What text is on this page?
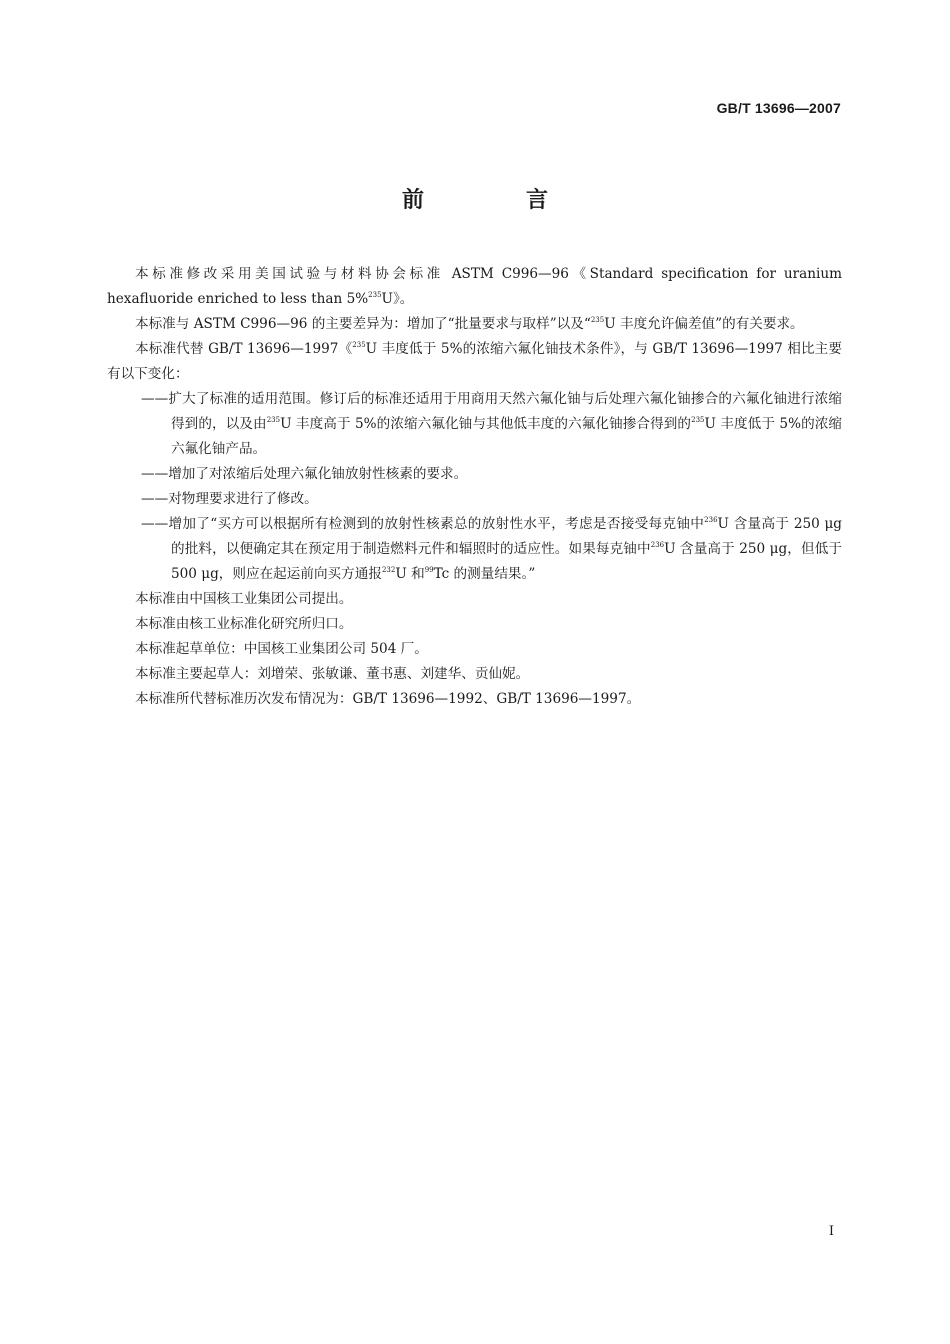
GB/T 13696—2007
前　言
本标准修改采用美国试验与材料协会标准 ASTM C996—96《Standard specification for uranium hexafluoride enriched to less than 5%$^{235}$U》。
本标准与 ASTM C996—96 的主要差异为：增加了“批量要求与取样”以及“$^{235}$U 丰度允许偏差值”的有关要求。
本标准代替 GB/T 13696—1997《$^{235}$U 丰度低于 5%的浓缩六氟化铀技术条件》，与 GB/T 13696—1997 相比主要有以下变化：
——扩大了标准的适用范围。修订后的标准还适用于用商用天然六氟化铀与后处理六氟化铀掺合的六氟化铀进行浓缩得到的，以及由$^{235}$U 丰度高于 5%的浓缩六氟化铀与其他低丰度的六氟化铀掺合得到的$^{235}$U 丰度低于 5%的浓缩六氟化铀产品。
——增加了对浓缩后处理六氟化铀放射性核素的要求。
——对物理要求进行了修改。
——增加了“买方可以根据所有检测到的放射性核素总的放射性水平，考虑是否接受每克铀中$^{236}$U 含量高于 250 μg 的批料，以便确定其在预定用于制造燃料元件和辐照时的适应性。如果每克铀中$^{236}$U 含量高于 250 μg，但低于 500 μg，则应在起运前向买方通报$^{232}$U 和$^{99}$Tc 的测量结果。”
本标准由中国核工业集团公司提出。
本标准由核工业标准化研究所归口。
本标准起草单位：中国核工业集团公司 504 厂。
本标准主要起草人：刘增荣、张敏谦、董书惠、刘建华、贡仙妮。
本标准所代替标准历次发布情况为：GB/T 13696—1992、GB/T 13696—1997。
I
